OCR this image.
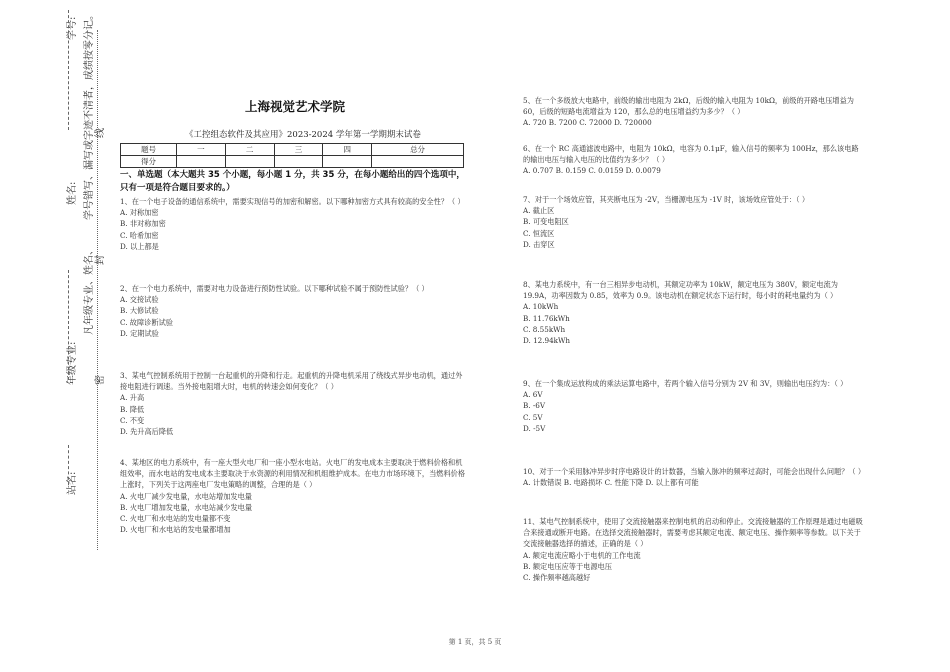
学号:
姓名:
年级专业:
站名:
学号错写、漏写或字迹不清者，成绩按零分记。
凡年级专业、姓名、
线
封
密
上海视觉艺术学院
《工控组态软件及其应用》2023-2024 学年第一学期期末试卷
题号	一	二	三	四	总分
得分					
一、单选题（本大题共 35 个小题，每小题 1 分，共 35 分，在每小题给出的四个选项中，只有一项是符合题目要求的。）

1、在一个电子设备的通信系统中，需要实现信号的加密和解密。以下哪种加密方式具有较高的安全性？（ ）

A. 对称加密

B. 非对称加密

C. 哈希加密

D. 以上都是

2、在一个电力系统中，需要对电力设备进行预防性试验。以下哪种试验不属于预防性试验？（ ）

A. 交接试验

B. 大修试验

C. 故障诊断试验

D. 定期试验

3、某电气控制系统用于控制一台起重机的升降和行走。起重机的升降电机采用了绕线式异步电动机，通过外接电阻进行调速。当外接电阻增大时，电机的转速会如何变化？（ ）

A. 升高

B. 降低

C. 不变

D. 先升高后降低

4、某地区的电力系统中，有一座大型火电厂和一座小型水电站。火电厂的发电成本主要取决于燃料价格和机组效率，而水电站的发电成本主要取决于水资源的利用情况和机组维护成本。在电力市场环境下，当燃料价格上涨时，下列关于这两座电厂发电策略的调整，合理的是（ ）

A. 火电厂减少发电量，水电站增加发电量

B. 火电厂增加发电量，水电站减少发电量

C. 火电厂和水电站的发电量都不变

D. 火电厂和水电站的发电量都增加

5、在一个多级放大电路中，前级的输出电阻为 2kΩ，后级的输入电阻为 10kΩ，前级的开路电压增益为 60，后级的短路电流增益为 120，那么总的电压增益约为多少？（ ）

A. 720 B. 7200 C. 72000 D. 720000

6、在一个 RC 高通滤波电路中，电阻为 10kΩ，电容为 0.1μF，输入信号的频率为 100Hz，那么该电路的输出电压与输入电压的比值约为多少？（ ）

A. 0.707 B. 0.159 C. 0.0159 D. 0.0079

7、对于一个场效应管，其夹断电压为 -2V，当栅源电压为 -1V 时，该场效应管处于：（ ）

A. 截止区

B. 可变电阻区

C. 恒流区

D. 击穿区

8、某电力系统中，有一台三相异步电动机，其额定功率为 10kW，额定电压为 380V，额定电流为 19.9A，功率因数为 0.85，效率为 0.9。该电动机在额定状态下运行时，每小时的耗电量约为（ ）

A. 10kWh

B. 11.76kWh

C. 8.55kWh

D. 12.94kWh

9、在一个集成运放构成的乘法运算电路中，若两个输入信号分别为 2V 和 3V，则输出电压约为：（ ）

A. 6V

B. -6V

C. 5V

D. -5V

10、对于一个采用脉冲异步时序电路设计的计数器，当输入脉冲的频率过高时，可能会出现什么问题？（ ）

A. 计数错误 B. 电路损坏 C. 性能下降 D. 以上都有可能

11、某电气控制系统中，使用了交流接触器来控制电机的启动和停止。交流接触器的工作原理是通过电磁吸合来接通或断开电路。在选择交流接触器时，需要考虑其额定电流、额定电压、操作频率等参数。以下关于交流接触器选择的描述，正确的是（ ）

A. 额定电流应略小于电机的工作电流

B. 额定电压应等于电源电压

C. 操作频率越高越好

第 1 页，共 5 页
